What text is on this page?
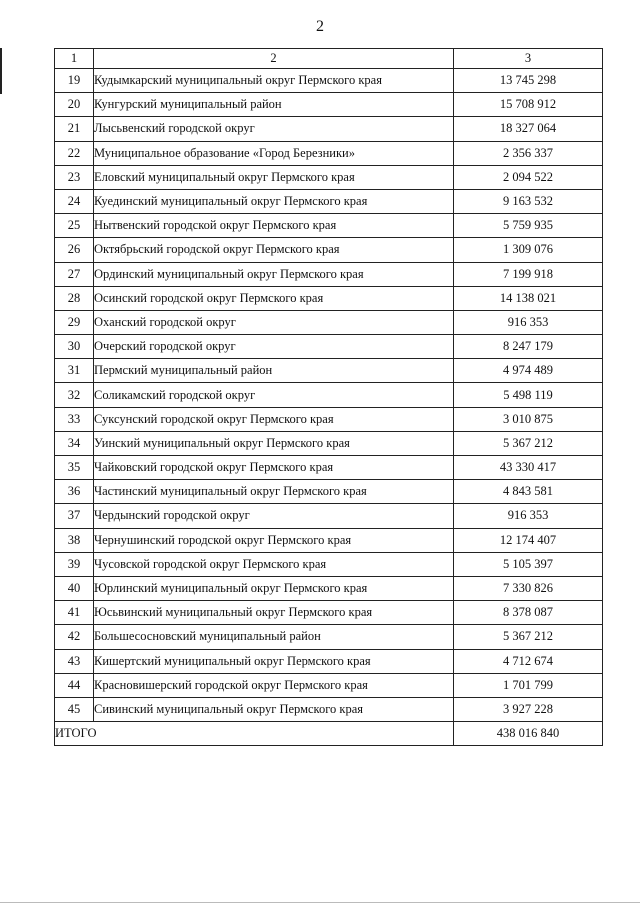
2
1	2	3
19	Кудымкарский муниципальный округ Пермского края	13 745 298
20	Кунгурский муниципальный район	15 708 912
21	Лысьвенский городской округ	18 327 064
22	Муниципальное образование «Город Березники»	2 356 337
23	Еловский муниципальный округ Пермского края	2 094 522
24	Куединский муниципальный округ Пермского края	9 163 532
25	Нытвенский городской округ Пермского края	5 759 935
26	Октябрьский городской округ Пермского края	1 309 076
27	Ординский муниципальный округ Пермского края	7 199 918
28	Осинский городской округ Пермского края	14 138 021
29	Оханский городской округ	916 353
30	Очерский городской округ	8 247 179
31	Пермский муниципальный район	4 974 489
32	Соликамский городской округ	5 498 119
33	Суксунский городской округ Пермского края	3 010 875
34	Уинский муниципальный округ Пермского края	5 367 212
35	Чайковский городской округ Пермского края	43 330 417
36	Частинский муниципальный округ Пермского края	4 843 581
37	Чердынский городской округ	916 353
38	Чернушинский городской округ Пермского края	12 174 407
39	Чусовской городской округ Пермского края	5 105 397
40	Юрлинский муниципальный округ Пермского края	7 330 826
41	Юсьвинский муниципальный округ Пермского края	8 378 087
42	Большесосновский муниципальный район	5 367 212
43	Кишертский муниципальный округ Пермского края	4 712 674
44	Красновишерский городской округ Пермского края	1 701 799
45	Сивинский муниципальный округ Пермского края	3 927 228
ИТОГО		438 016 840
